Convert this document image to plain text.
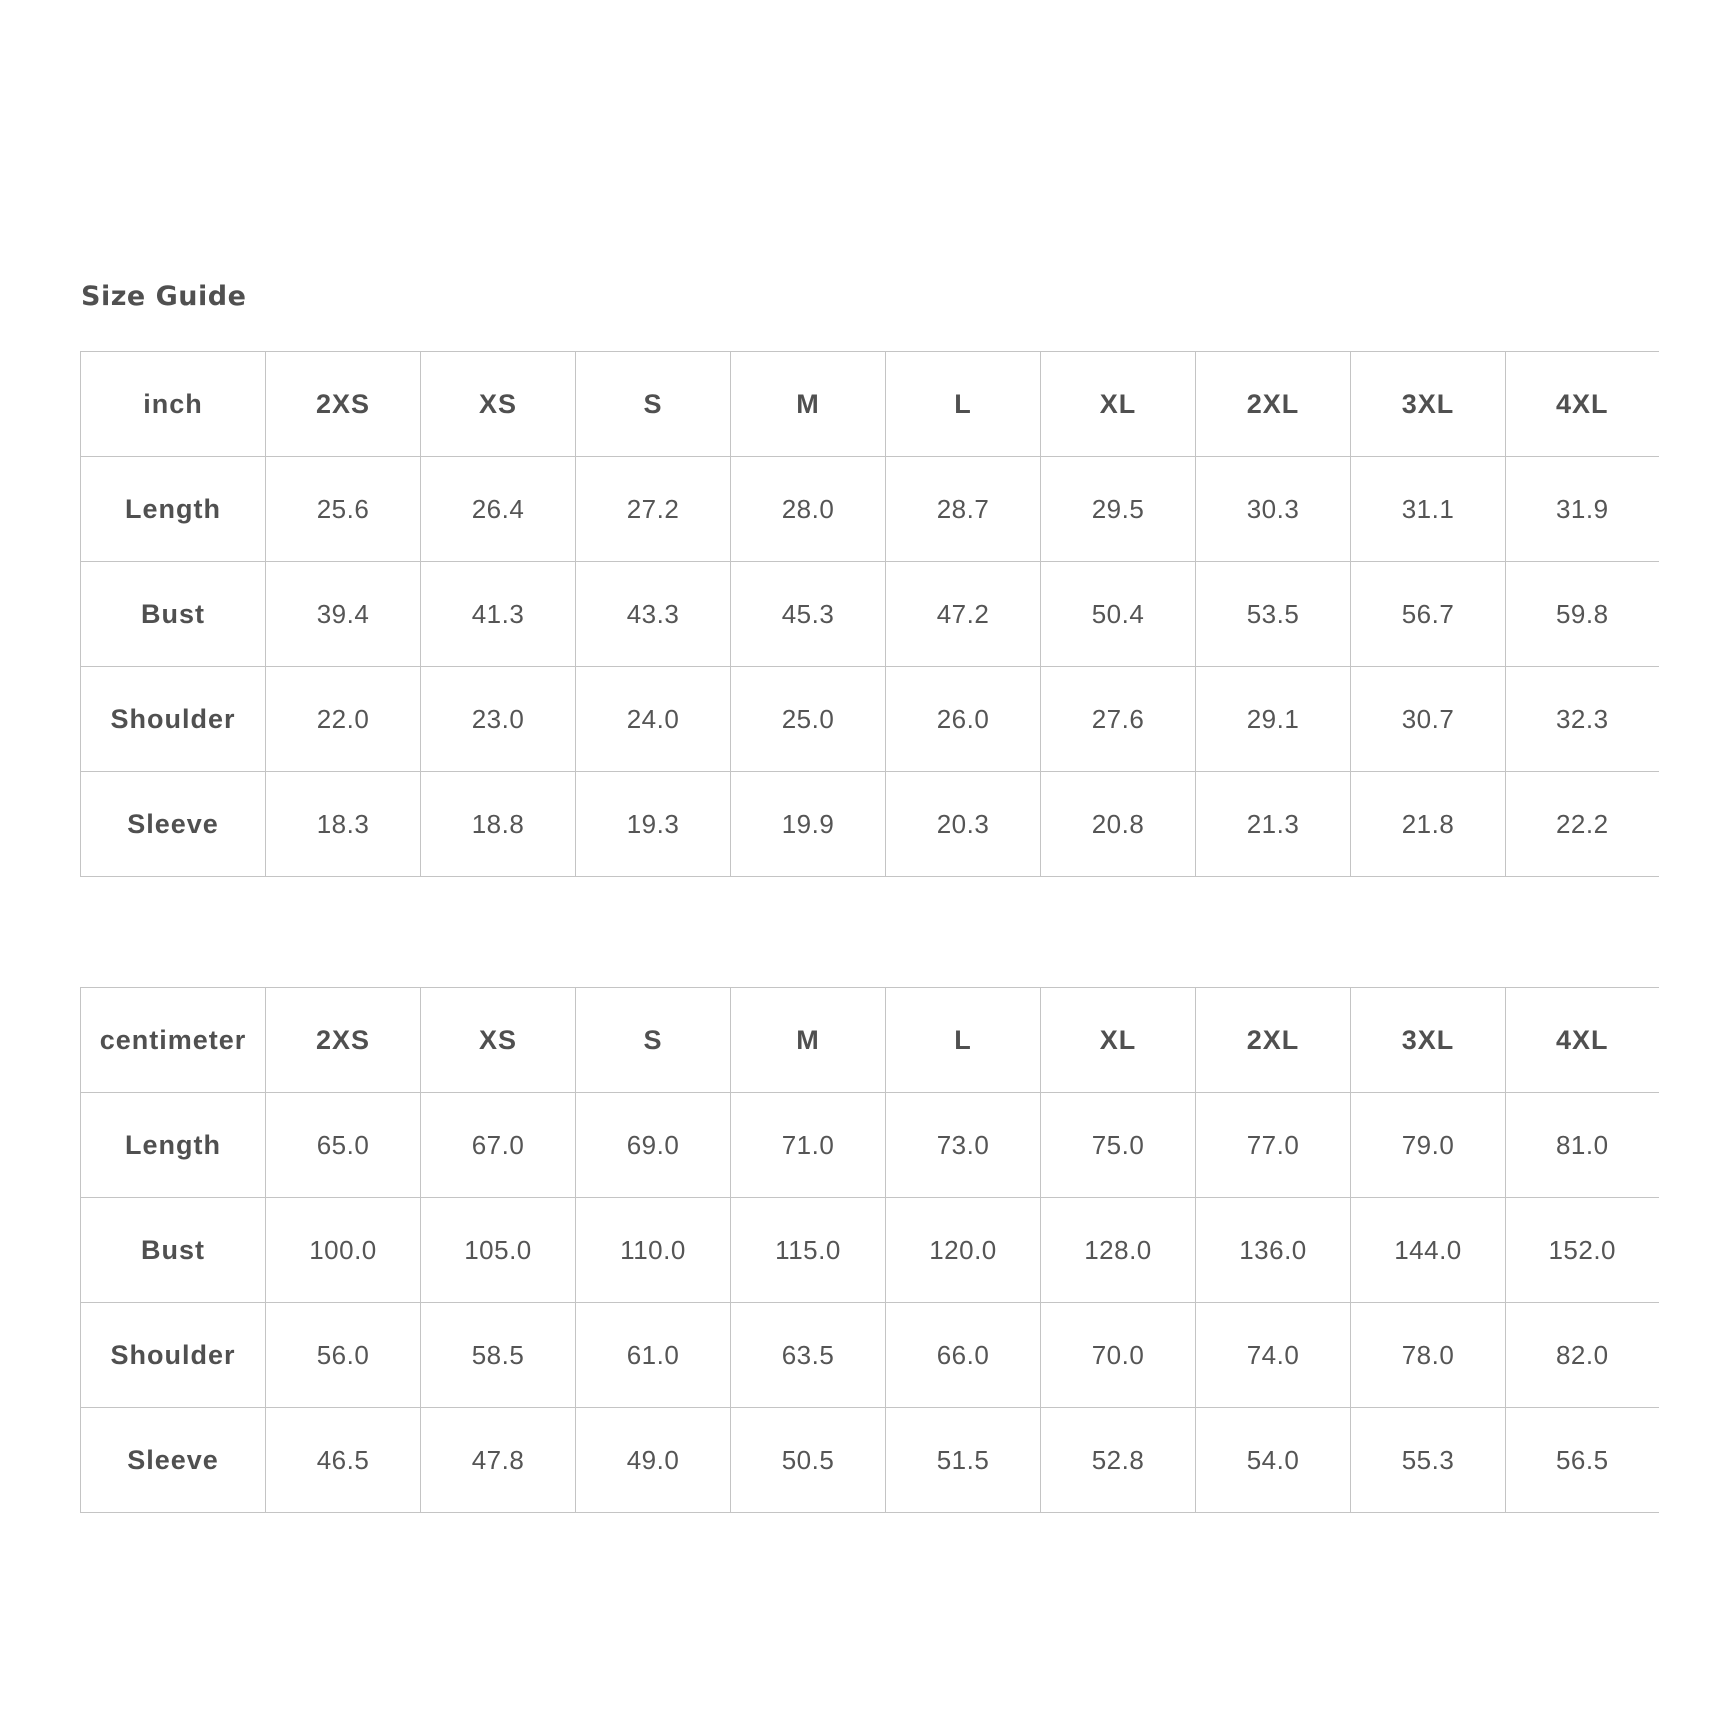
Size Guide
inch	2XS	XS	S	M	L	XL	2XL	3XL	4XL
Length	25.6	26.4	27.2	28.0	28.7	29.5	30.3	31.1	31.9
Bust	39.4	41.3	43.3	45.3	47.2	50.4	53.5	56.7	59.8
Shoulder	22.0	23.0	24.0	25.0	26.0	27.6	29.1	30.7	32.3
Sleeve	18.3	18.8	19.3	19.9	20.3	20.8	21.3	21.8	22.2
centimeter	2XS	XS	S	M	L	XL	2XL	3XL	4XL
Length	65.0	67.0	69.0	71.0	73.0	75.0	77.0	79.0	81.0
Bust	100.0	105.0	110.0	115.0	120.0	128.0	136.0	144.0	152.0
Shoulder	56.0	58.5	61.0	63.5	66.0	70.0	74.0	78.0	82.0
Sleeve	46.5	47.8	49.0	50.5	51.5	52.8	54.0	55.3	56.5
